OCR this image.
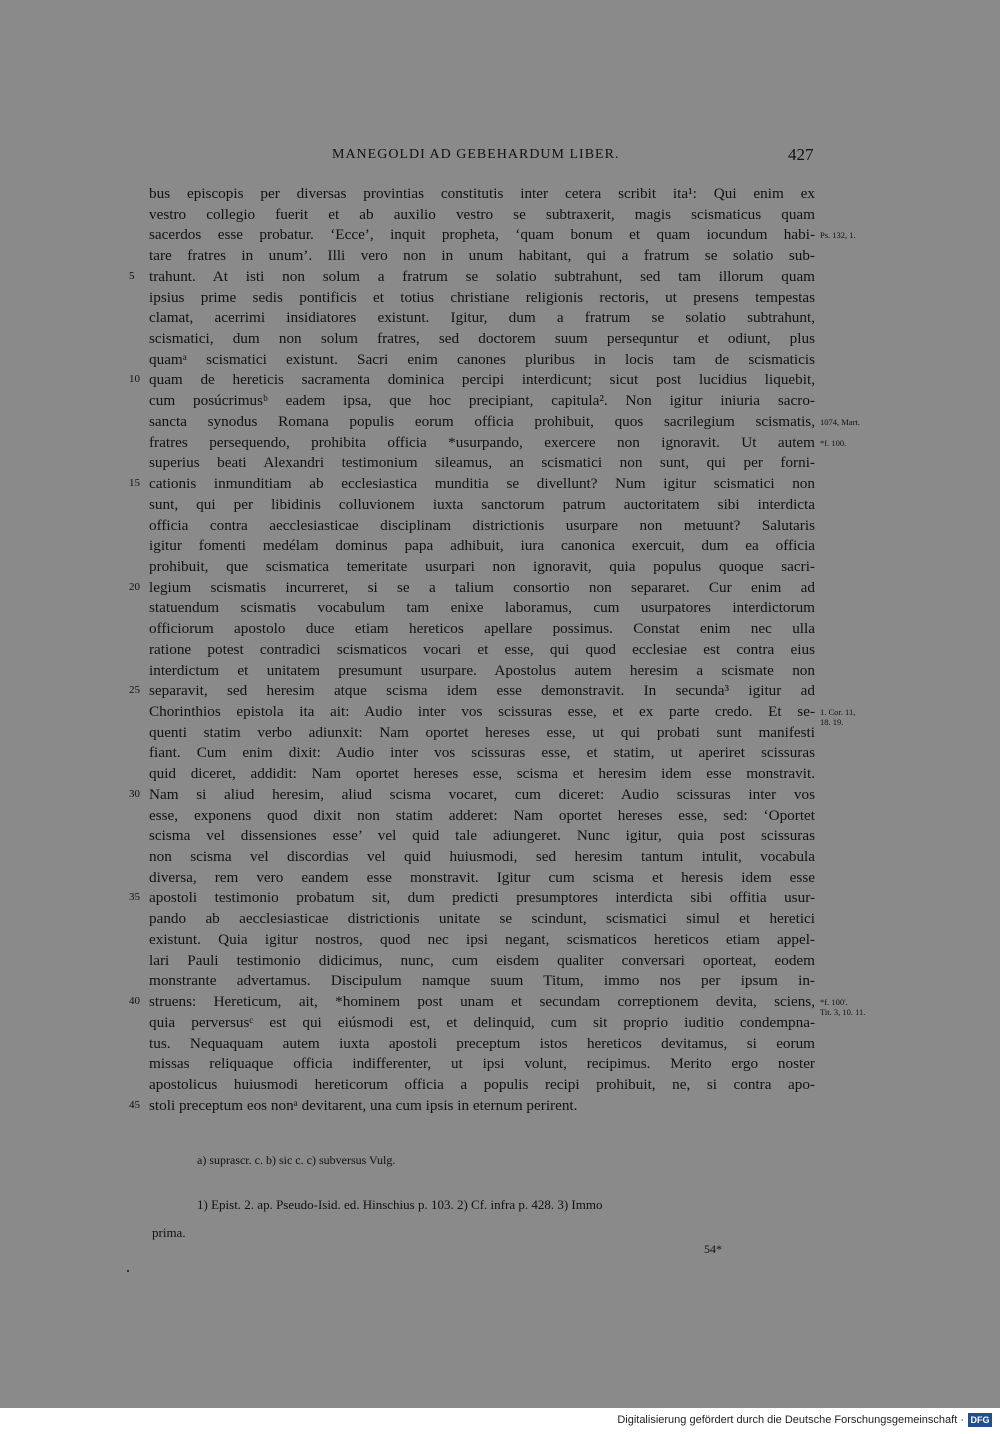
MANEGOLDI AD GEBEHARDUM LIBER.	427
bus episcopis per diversas provintias constitutis inter cetera scribit ita¹: Qui enim ex
vestro collegio fuerit et ab auxilio vestro se subtraxerit, magis scismaticus quam
sacerdos esse probatur. ‘Ecce’, inquit propheta, ‘quam bonum et quam iocundum habi-
tare fratres in unum’. Illi vero non in unum habitant, qui a fratrum se solatio sub-
trahunt. At isti non solum a fratrum se solatio subtrahunt, sed tam illorum quam
5
ipsius prime sedis pontificis et totius christiane religionis rectoris, ut presens tempestas
clamat, acerrimi insidiatores existunt. Igitur, dum a fratrum se solatio subtrahunt,
scismatici, dum non solum fratres, sed doctorem suum persequntur et odiunt, plus
quamᵃ scismatici existunt. Sacri enim canones pluribus in locis tam de scismaticis
quam de hereticis sacramenta dominica percipi interdicunt; sicut post lucidius liquebit,
10
cum posúcrimusᵇ eadem ipsa, que hoc precipiant, capitula². Non igitur iniuria sacro-
sancta synodus Romana populis eorum officia prohibuit, quos sacrilegium scismatis,
fratres persequendo, prohibita officia *usurpando, exercere non ignoravit. Ut autem
superius beati Alexandri testimonium sileamus, an scismatici non sunt, qui per forni-
cationis inmunditiam ab ecclesiastica munditia se divellunt? Num igitur scismatici non
15
sunt, qui per libidinis colluvionem iuxta sanctorum patrum auctoritatem sibi interdicta
officia contra aecclesiasticae disciplinam districtionis usurpare non metuunt? Salutaris
igitur fomenti medélam dominus papa adhibuit, iura canonica exercuit, dum ea officia
prohibuit, que scismatica temeritate usurpari non ignoravit, quia populus quoque sacri-
legium scismatis incurreret, si se a talium consortio non separaret. Cur enim ad
20
statuendum scismatis vocabulum tam enixe laboramus, cum usurpatores interdictorum
officiorum apostolo duce etiam hereticos apellare possimus. Constat enim nec ulla
ratione potest contradici scismaticos vocari et esse, qui quod ecclesiae est contra eius
interdictum et unitatem presumunt usurpare. Apostolus autem heresim a scismate non
separavit, sed heresim atque scisma idem esse demonstravit. In secunda³ igitur ad
25
Chorinthios epistola ita ait: Audio inter vos scissuras esse, et ex parte credo. Et se-
quenti statim verbo adiunxit: Nam oportet hereses esse, ut qui probati sunt manifesti
fiant. Cum enim dixit: Audio inter vos scissuras esse, et statim, ut aperiret scissuras
quid diceret, addidit: Nam oportet hereses esse, scisma et heresim idem esse monstravit.
Nam si aliud heresim, aliud scisma vocaret, cum diceret: Audio scissuras inter vos
30
esse, exponens quod dixit non statim adderet: Nam oportet hereses esse, sed: ‘Oportet
scisma vel dissensiones esse’ vel quid tale adiungeret. Nunc igitur, quia post scissuras
non scisma vel discordias vel quid huiusmodi, sed heresim tantum intulit, vocabula
diversa, rem vero eandem esse monstravit. Igitur cum scisma et heresis idem esse
apostoli testimonio probatum sit, dum predicti presumptores interdicta sibi offitia usur-
35
pando ab aecclesiasticae districtionis unitate se scindunt, scismatici simul et heretici
existunt. Quia igitur nostros, quod nec ipsi negant, scismaticos hereticos etiam appel-
lari Pauli testimonio didicimus, nunc, cum eisdem qualiter conversari oporteat, eodem
monstrante advertamus. Discipulum namque suum Titum, immo nos per ipsum in-
struens: Hereticum, ait, *hominem post unam et secundam correptionem devita, sciens,
40
quia perversusᶜ est qui eiúsmodi est, et delinquid, cum sit proprio iuditio condempna-
tus. Nequaquam autem iuxta apostoli preceptum istos hereticos devitamus, si eorum
missas reliquaque officia indifferenter, ut ipsi volunt, recipimus. Merito ergo noster
apostolicus huiusmodi hereticorum officia a populis recipi prohibuit, ne, si contra apo-
stoli preceptum eos nonᵃ devitarent, una cum ipsis in eternum perirent.
45
Ps. 132, 1.
1074, Mart.
*f. 100.
1. Cor. 11,
18. 19.
*f. 100'.
Tit. 3, 10. 11.
a) suprascr. c. b) sic c. c) subversus Vulg.
1) Epist. 2. ap. Pseudo-Isid. ed. Hinschius p. 103. 2) Cf. infra p. 428. 3) Immo
prima.
54*
Digitalisierung gefördert durch die Deutsche Forschungsgemeinschaft · DFG
